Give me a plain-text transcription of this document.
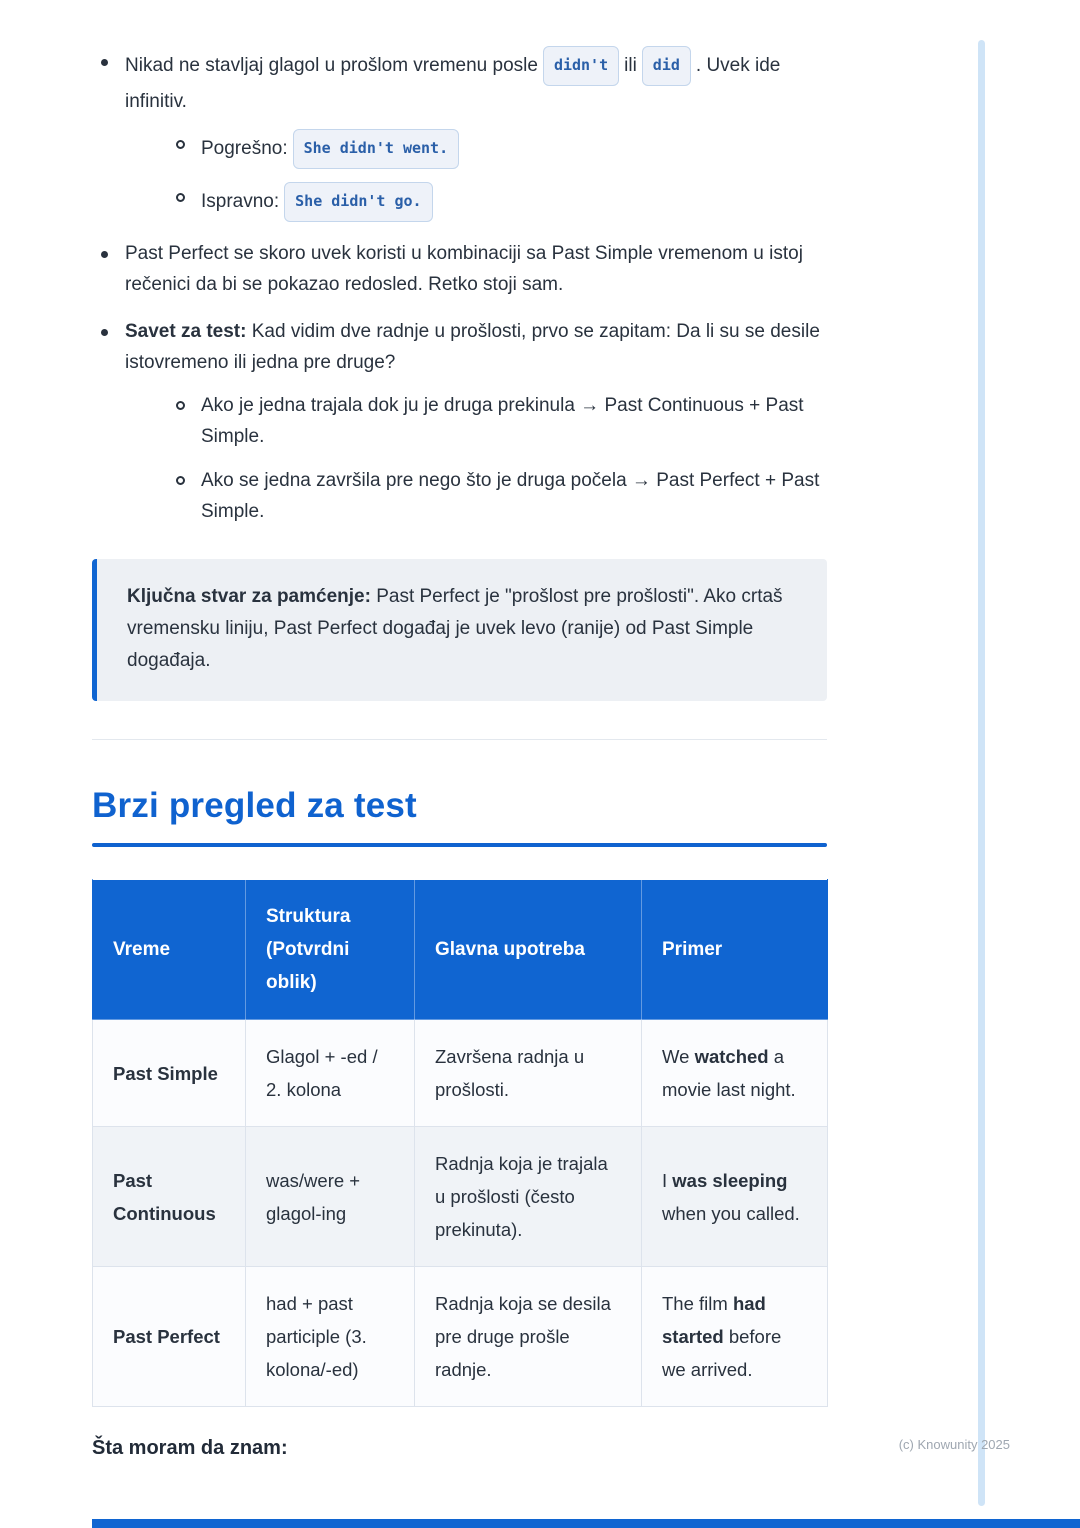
Nikad ne stavljaj glagol u prošlom vremenu posle didn't ili did . Uvek ide infinitiv.
Pogrešno: She didn't went.
Ispravno: She didn't go.
Past Perfect se skoro uvek koristi u kombinaciji sa Past Simple vremenom u istoj rečenici da bi se pokazao redosled. Retko stoji sam.
Savet za test: Kad vidim dve radnje u prošlosti, prvo se zapitam: Da li su se desile istovremeno ili jedna pre druge?
Ako je jedna trajala dok ju je druga prekinula → Past Continuous + Past Simple.
Ako se jedna završila pre nego što je druga počela → Past Perfect + Past Simple.
Ključna stvar za pamćenje: Past Perfect je "prošlost pre prošlosti". Ako crtaš vremensku liniju, Past Perfect događaj je uvek levo (ranije) od Past Simple događaja.
Brzi pregled za test
Vreme	Struktura (Potvrdni oblik)	Glavna upotreba	Primer
Past Simple	Glagol + -ed / 2. kolona	Završena radnja u prošlosti.	We watched a movie last night.
Past Continuous	was/were + glagol-ing	Radnja koja je trajala u prošlosti (često prekinuta).	I was sleeping when you called.
Past Perfect	had + past participle (3. kolona/-ed)	Radnja koja se desila pre druge prošle radnje.	The film had started before we arrived.
Šta moram da znam:	(c) Knowunity 2025
